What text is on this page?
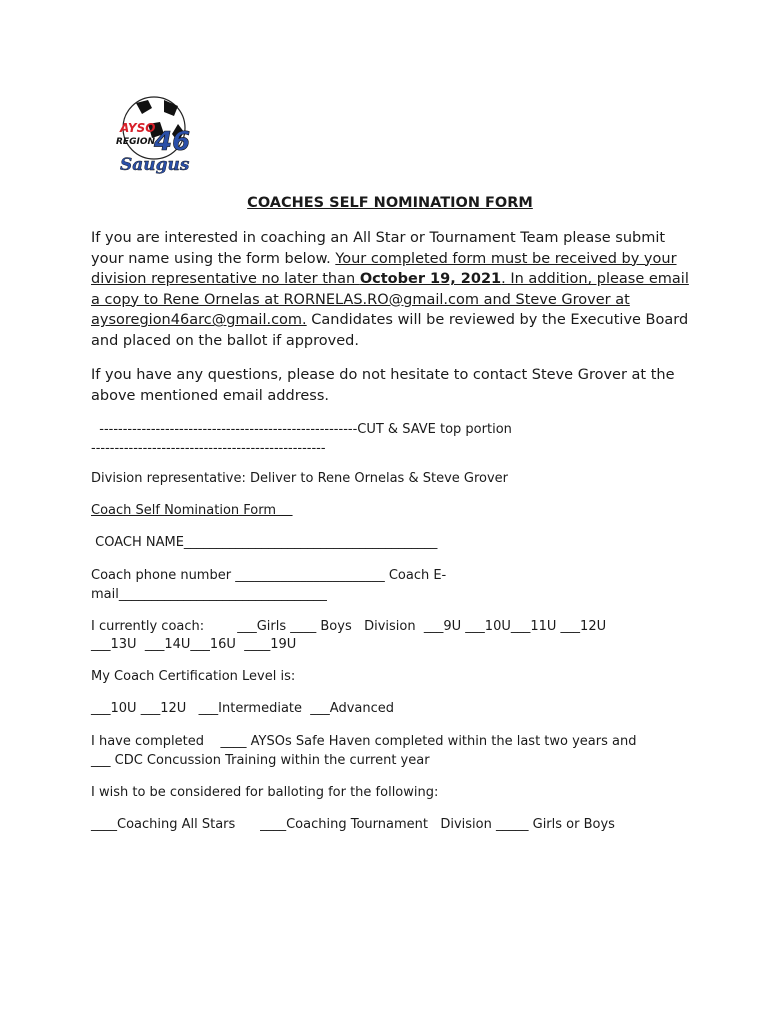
AYSO
REGION 46
Saugus
COACHES SELF NOMINATION FORM
If you are interested in coaching an All Star or Tournament Team please submit your name using the form below. Your completed form must be received by your division representative no later than October 19, 2021. In addition, please email a copy to Rene Ornelas at RORNELAS.RO@gmail.com and Steve Grover at aysoregion46arc@gmail.com. Candidates will be reviewed by the Executive Board and placed on the ballot if approved.
If you have any questions, please do not hesitate to contact Steve Grover at the above mentioned email address.
-------------------------------------------------------CUT & SAVE top portion
--------------------------------------------------
Division representative: Deliver to Rene Ornelas & Steve Grover
Coach Self Nomination Form
COACH NAME_______________________________________
Coach phone number _______________________ Coach E-mail________________________________
I currently coach:        ___Girls ____ Boys   Division  ___9U ___10U___11U ___12U
___13U  ___14U___16U  ____19U
My Coach Certification Level is:
___10U ___12U   ___Intermediate  ___Advanced
I have completed    ____ AYSOs Safe Haven completed within the last two years and
___ CDC Concussion Training within the current year
I wish to be considered for balloting for the following:
____Coaching All Stars      ____Coaching Tournament   Division _____ Girls or Boys
